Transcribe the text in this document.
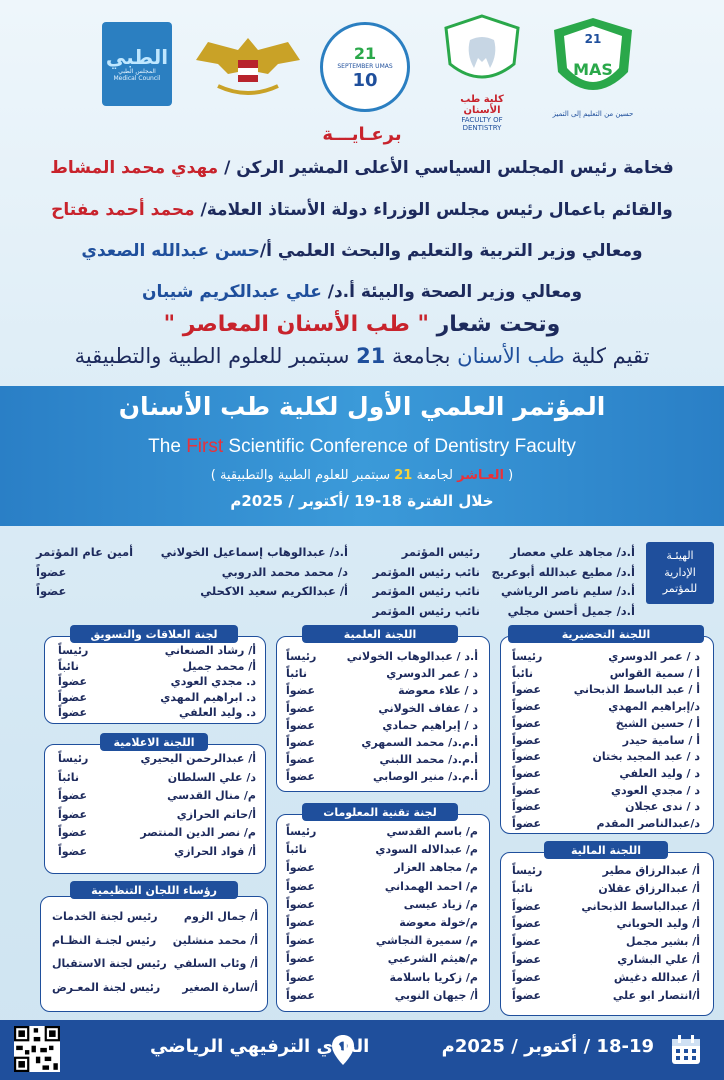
الطبي
المجلس الطبي
Medical Council
21
SEPTEMBER UMAS
10
كلية طب الأسنان
FACULTY OF DENTISTRY
21
MAS
حسين من التعليم إلى التميز
برعـايـــة
فخامة رئيس المجلس السياسي الأعلى المشير الركن / مهدي محمد المشاط
والقائم باعمال رئيس مجلس الوزراء دولة الأستاذ العلامة/ محمد أحمد مفتاح
ومعالي وزير التربية والتعليم والبحث العلمي أ/حسن عبدالله الصعدي
ومعالي وزير الصحة والبيئة أ.د/ علي عبدالكريم شيبان
وتحت شعار " طب الأسنان المعاصر "
تقيم كلية طب الأسنان بجامعة 21 سبتمبر للعلوم الطبية والتطبيقية
المؤتمر العلمي الأول لكلية طب الأسنان
The First Scientific Conference of Dentistry Faculty
( العـاشر لجامعة 21 سبتمبر للعلوم الطبية والتطبيقية )
خلال الفترة 18-19 /أكتوبر / 2025م
الهيئـة
الإدارية
للمؤتمر
أ.د/ مجاهد علي معصار
رئيس المؤتمر
أ.د/ مطيع عبدالله أبوعريج
نائب رئيس المؤتمر
أ.د/ سليم ناصر الرياشي
نائب رئيس المؤتمر
أ.د/ جميل أحسن مجلي
نائب رئيس المؤتمر
أ.د/ عبدالوهاب إسماعيل الخولاني
أمين عام المؤتمر
د/ محمد محمد الدروبي
عضواً
أ/ عبدالكريم سعيد الاكحلي
عضواً
اللجنة التحضيرية
د / عمر الدوسري
رئيساً
أ / سمية القواس
نائباً
أ / عبد الباسط الذبحاني
عضواً
د/إبراهيم المهدي
عضواً
أ / حسين الشيخ
عضواً
أ / سامية حيدر
عضواً
د / عبد المجيد بختان
عضواً
د / وليد العلفي
عضواً
د / مجدي العودي
عضواً
د / ندى عجلان
عضواً
د/عبدالناصر المقدم
عضواً
اللجنة العلمية
أ.د / عبدالوهاب الخولاني
رئيساً
د / عمر الدوسري
نائباً
د / علاء معوضة
عضواً
د / عفاف الخولاني
عضواً
د / إبراهيم حمادي
عضواً
أ.م.د/ محمد السمهري
عضواً
أ.م.د/ محمد اللبني
عضواً
أ.م.د/ منير الوصابي
عضواً
لجنة العلاقات والتسويق
أ/ رشاد الصنعاني
رئيساً
أ/ محمد جميل
نائباً
د. مجدي العودي
عضواً
د. ابراهيم المهدي
عضواً
د. وليد العلفي
عضواً
اللجنة الاعلامية
أ/ عبدالرحمن اليحيري
رئيساً
د/ علي السلطان
نائباً
م/ منال القدسي
عضواً
أ/حاتم الحرازي
عضواً
م/ نصر الدين المنتصر
عضواً
أ/ فواد الحرازي
عضواً
لجنة تقنية المعلومات
م/ باسم القدسي
رئيساً
م/ عبدالاله السودي
نائباً
م/ مجاهد العزار
عضواً
م/ احمد الهمداني
عضواً
م/ زياد عيسى
عضواً
م/خولة معوضة
عضواً
م/ سميرة النجاشي
عضواً
م/هيثم الشرعبي
عضواً
م/ زكريا باسلامة
عضواً
أ/ جيهان النوبي
عضواً
اللجنة المالية
أ/ عبدالرزاق مطير
رئيساً
أ/ عبدالرزاق عقلان
نائباً
أ/ عبدالباسط الذبحاني
عضواً
أ/ وليد الحوباني
عضواً
أ/ بشير مجمل
عضواً
أ/ علي البشاري
عضواً
أ/ عبدالله دغيش
عضواً
أ/انتصار ابو علي
عضواً
رؤساء اللجان التنظيمية
أ/ جمال الزوم
رئيس لجنة الخدمات
أ/ محمد منشلين
رئيس لجنـة النظـام
أ/ وئاب السلفي
رئيس لجنة الاستقبال
أ/سارة الصغير
رئيس لجنة المعـرض
18-19 / أكتوبر / 2025م
النادي الترفيهي الرياضي
